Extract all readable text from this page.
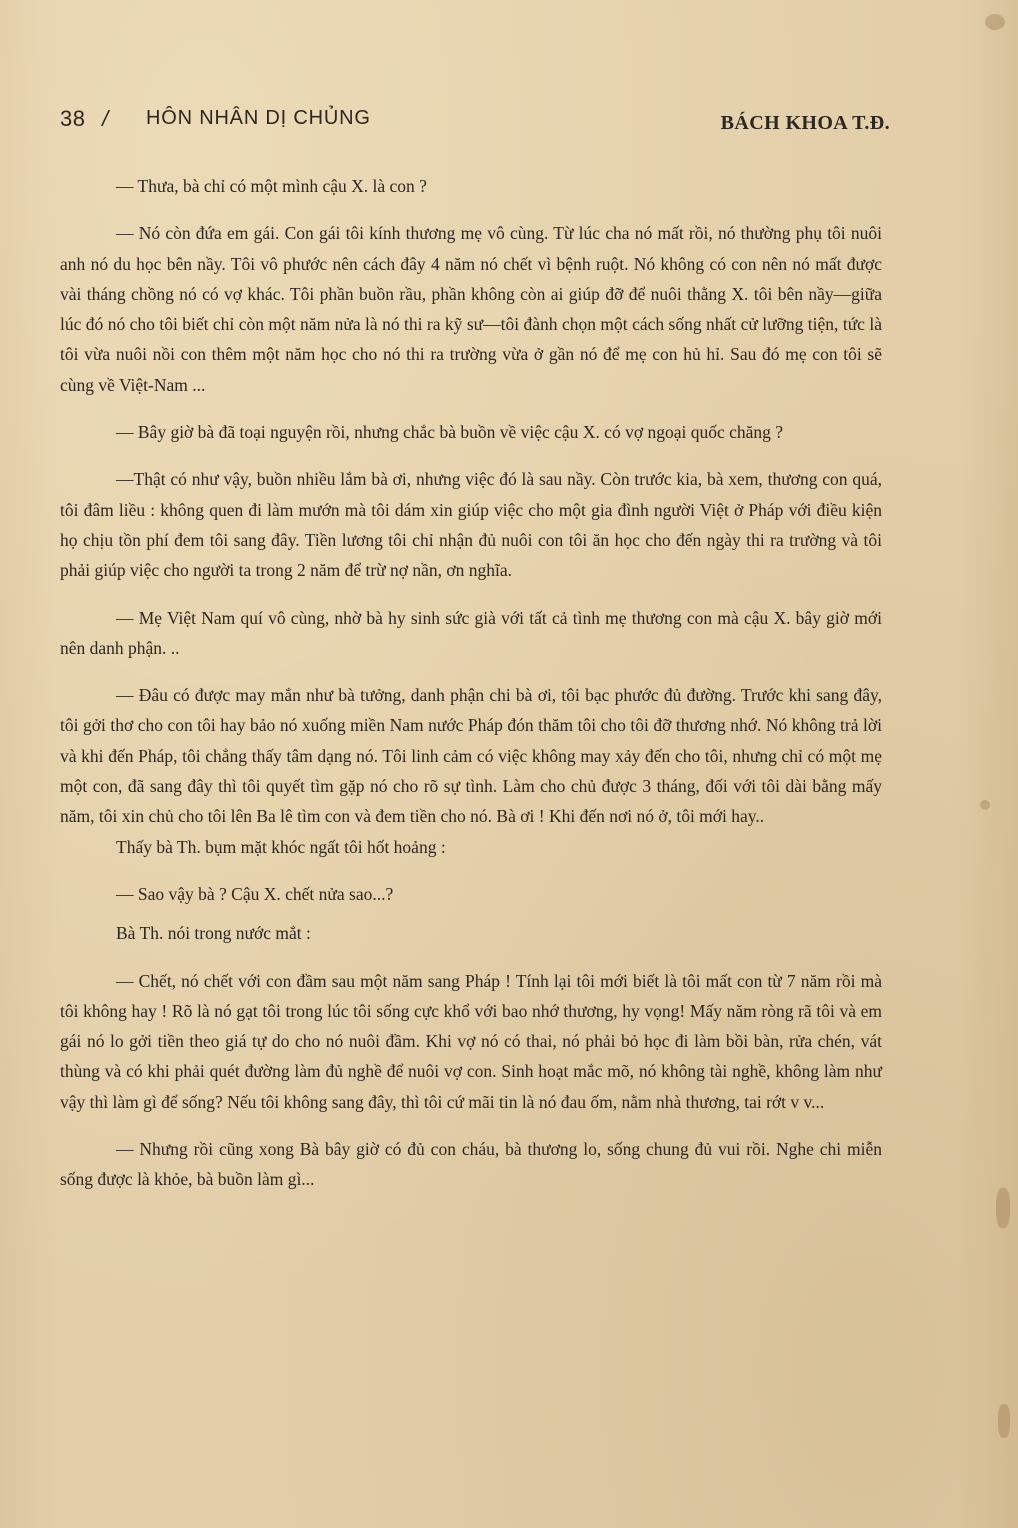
38 / HÔN NHÂN DỊ CHỦNG	BÁCH KHOA T.Đ.

— Thưa, bà chỉ có một mình cậu X. là con ?

— Nó còn đứa em gái. Con gái tôi kính thương mẹ vô cùng. Từ lúc cha nó mất rồi, nó thường phụ tôi nuôi anh nó du học bên nầy. Tôi vô phước nên cách đây 4 năm nó chết vì bệnh ruột. Nó không có con nên nó mất được vài tháng chồng nó có vợ khác. Tôi phần buồn rầu, phần không còn ai giúp đỡ để nuôi thằng X. tôi bên nầy—giữa lúc đó nó cho tôi biết chỉ còn một năm nửa là nó thi ra kỹ sư—tôi đành chọn một cách sống nhất cử lưỡng tiện, tức là tôi vừa nuôi nồi con thêm một năm học cho nó thi ra trường vừa ở gần nó để mẹ con hủ hỉ. Sau đó mẹ con tôi sẽ cùng về Việt-Nam ...

— Bây giờ bà đã toại nguyện rồi, nhưng chắc bà buồn về việc cậu X. có vợ ngoại quốc chăng ?

—Thật có như vậy, buồn nhiều lắm bà ơi, nhưng việc đó là sau nầy. Còn trước kia, bà xem, thương con quá, tôi đâm liều : không quen đi làm mướn mà tôi dám xin giúp việc cho một gia đình người Việt ở Pháp với điều kiện họ chịu tồn phí đem tôi sang đây. Tiền lương tôi chỉ nhận đủ nuôi con tôi ăn học cho đến ngày thi ra trường và tôi phải giúp việc cho người ta trong 2 năm để trừ nợ nần, ơn nghĩa.

— Mẹ Việt Nam quí vô cùng, nhờ bà hy sinh sức già với tất cả tình mẹ thương con mà cậu X. bây giờ mới nên danh phận. ..

— Đâu có được may mắn như bà tưởng, danh phận chi bà ơi, tôi bạc phước đủ đường. Trước khi sang đây, tôi gởi thơ cho con tôi hay bảo nó xuống miền Nam nước Pháp đón thăm tôi cho tôi đỡ thương nhớ. Nó không trả lời và khi đến Pháp, tôi chẳng thấy tâm dạng nó. Tôi linh cảm có việc không may xảy đến cho tôi, nhưng chỉ có một mẹ một con, đã sang đây thì tôi quyết tìm gặp nó cho rõ sự tình. Làm cho chủ được 3 tháng, đối với tôi dài bằng mấy năm, tôi xin chủ cho tôi lên Ba lê tìm con và đem tiền cho nó. Bà ơi ! Khi đến nơi nó ở, tôi mới hay..

Thấy bà Th. bụm mặt khóc ngất tôi hốt hoảng :

— Sao vậy bà ? Cậu X. chết nửa sao...?

Bà Th. nói trong nước mắt :

— Chết, nó chết với con đầm sau một năm sang Pháp ! Tính lại tôi mới biết là tôi mất con từ 7 năm rồi mà tôi không hay ! Rõ là nó gạt tôi trong lúc tôi sống cực khổ với bao nhớ thương, hy vọng! Mấy năm ròng rã tôi và em gái nó lo gởi tiền theo giá tự do cho nó nuôi đầm. Khi vợ nó có thai, nó phải bỏ học đi làm bồi bàn, rửa chén, vát thùng và có khi phải quét đường làm đủ nghề để nuôi vợ con. Sinh hoạt mắc mõ, nó không tài nghề, không làm như vậy thì làm gì để sống? Nếu tôi không sang đây, thì tôi cứ mãi tin là nó đau ốm, nằm nhà thương, tai rớt v v...

— Nhưng rồi cũng xong Bà bây giờ có đủ con cháu, bà thương lo, sống chung đủ vui rồi. Nghe chi miễn sống được là khỏe, bà buồn làm gì...
